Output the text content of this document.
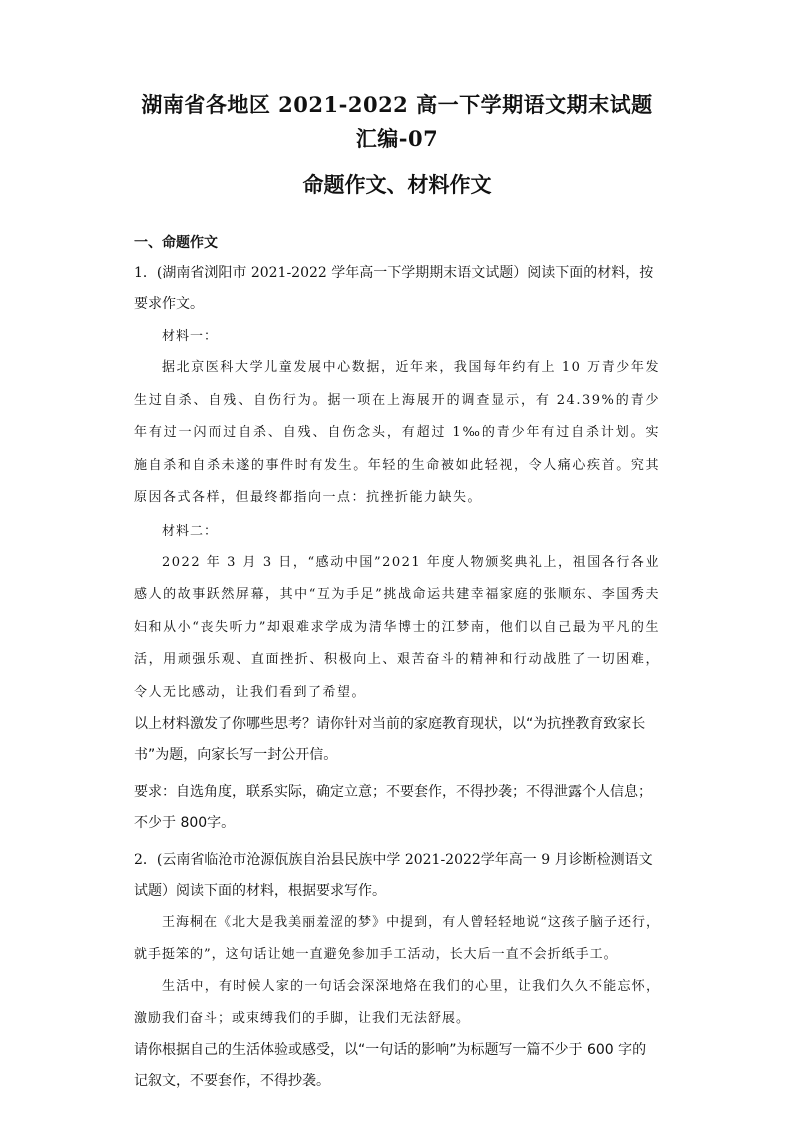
湖南省各地区 2021-2022 高一下学期语文期末试题汇编-07
命题作文、材料作文
一、命题作文

1．(湖南省浏阳市 2021-2022 学年高一下学期期末语文试题）阅读下面的材料，按要求作文。

材料一：

据北京医科大学儿童发展中心数据，近年来，我国每年约有上 10 万青少年发生过自杀、自残、自伤行为。据一项在上海展开的调查显示，有 24.39%的青少年有过一闪而过自杀、自残、自伤念头，有超过 1‰的青少年有过自杀计划。实施自杀和自杀未遂的事件时有发生。年轻的生命被如此轻视，令人痛心疾首。究其原因各式各样，但最终都指向一点：抗挫折能力缺失。

材料二：

2022 年 3 月 3 日，“感动中国”2021 年度人物颁奖典礼上，祖国各行各业感人的故事跃然屏幕，其中“互为手足”挑战命运共建幸福家庭的张顺东、李国秀夫妇和从小“丧失听力”却艰难求学成为清华博士的江梦南，他们以自己最为平凡的生活，用顽强乐观、直面挫折、积极向上、艰苦奋斗的精神和行动战胜了一切困难，令人无比感动，让我们看到了希望。

以上材料激发了你哪些思考？请你针对当前的家庭教育现状，以“为抗挫教育致家长书”为题，向家长写一封公开信。

要求：自选角度，联系实际，确定立意；不要套作，不得抄袭；不得泄露个人信息；不少于 800字。

2．(云南省临沧市沧源佤族自治县民族中学 2021-2022学年高一 9 月诊断检测语文试题）阅读下面的材料，根据要求写作。

王海桐在《北大是我美丽羞涩的梦》中提到，有人曾轻轻地说“这孩子脑子还行，就手挺笨的”，这句话让她一直避免参加手工活动，长大后一直不会折纸手工。

生活中，有时候人家的一句话会深深地烙在我们的心里，让我们久久不能忘怀，激励我们奋斗；或束缚我们的手脚，让我们无法舒展。

请你根据自己的生活体验或感受，以“一句话的影响”为标题写一篇不少于 600 字的记叙文，不要套作，不得抄袭。
